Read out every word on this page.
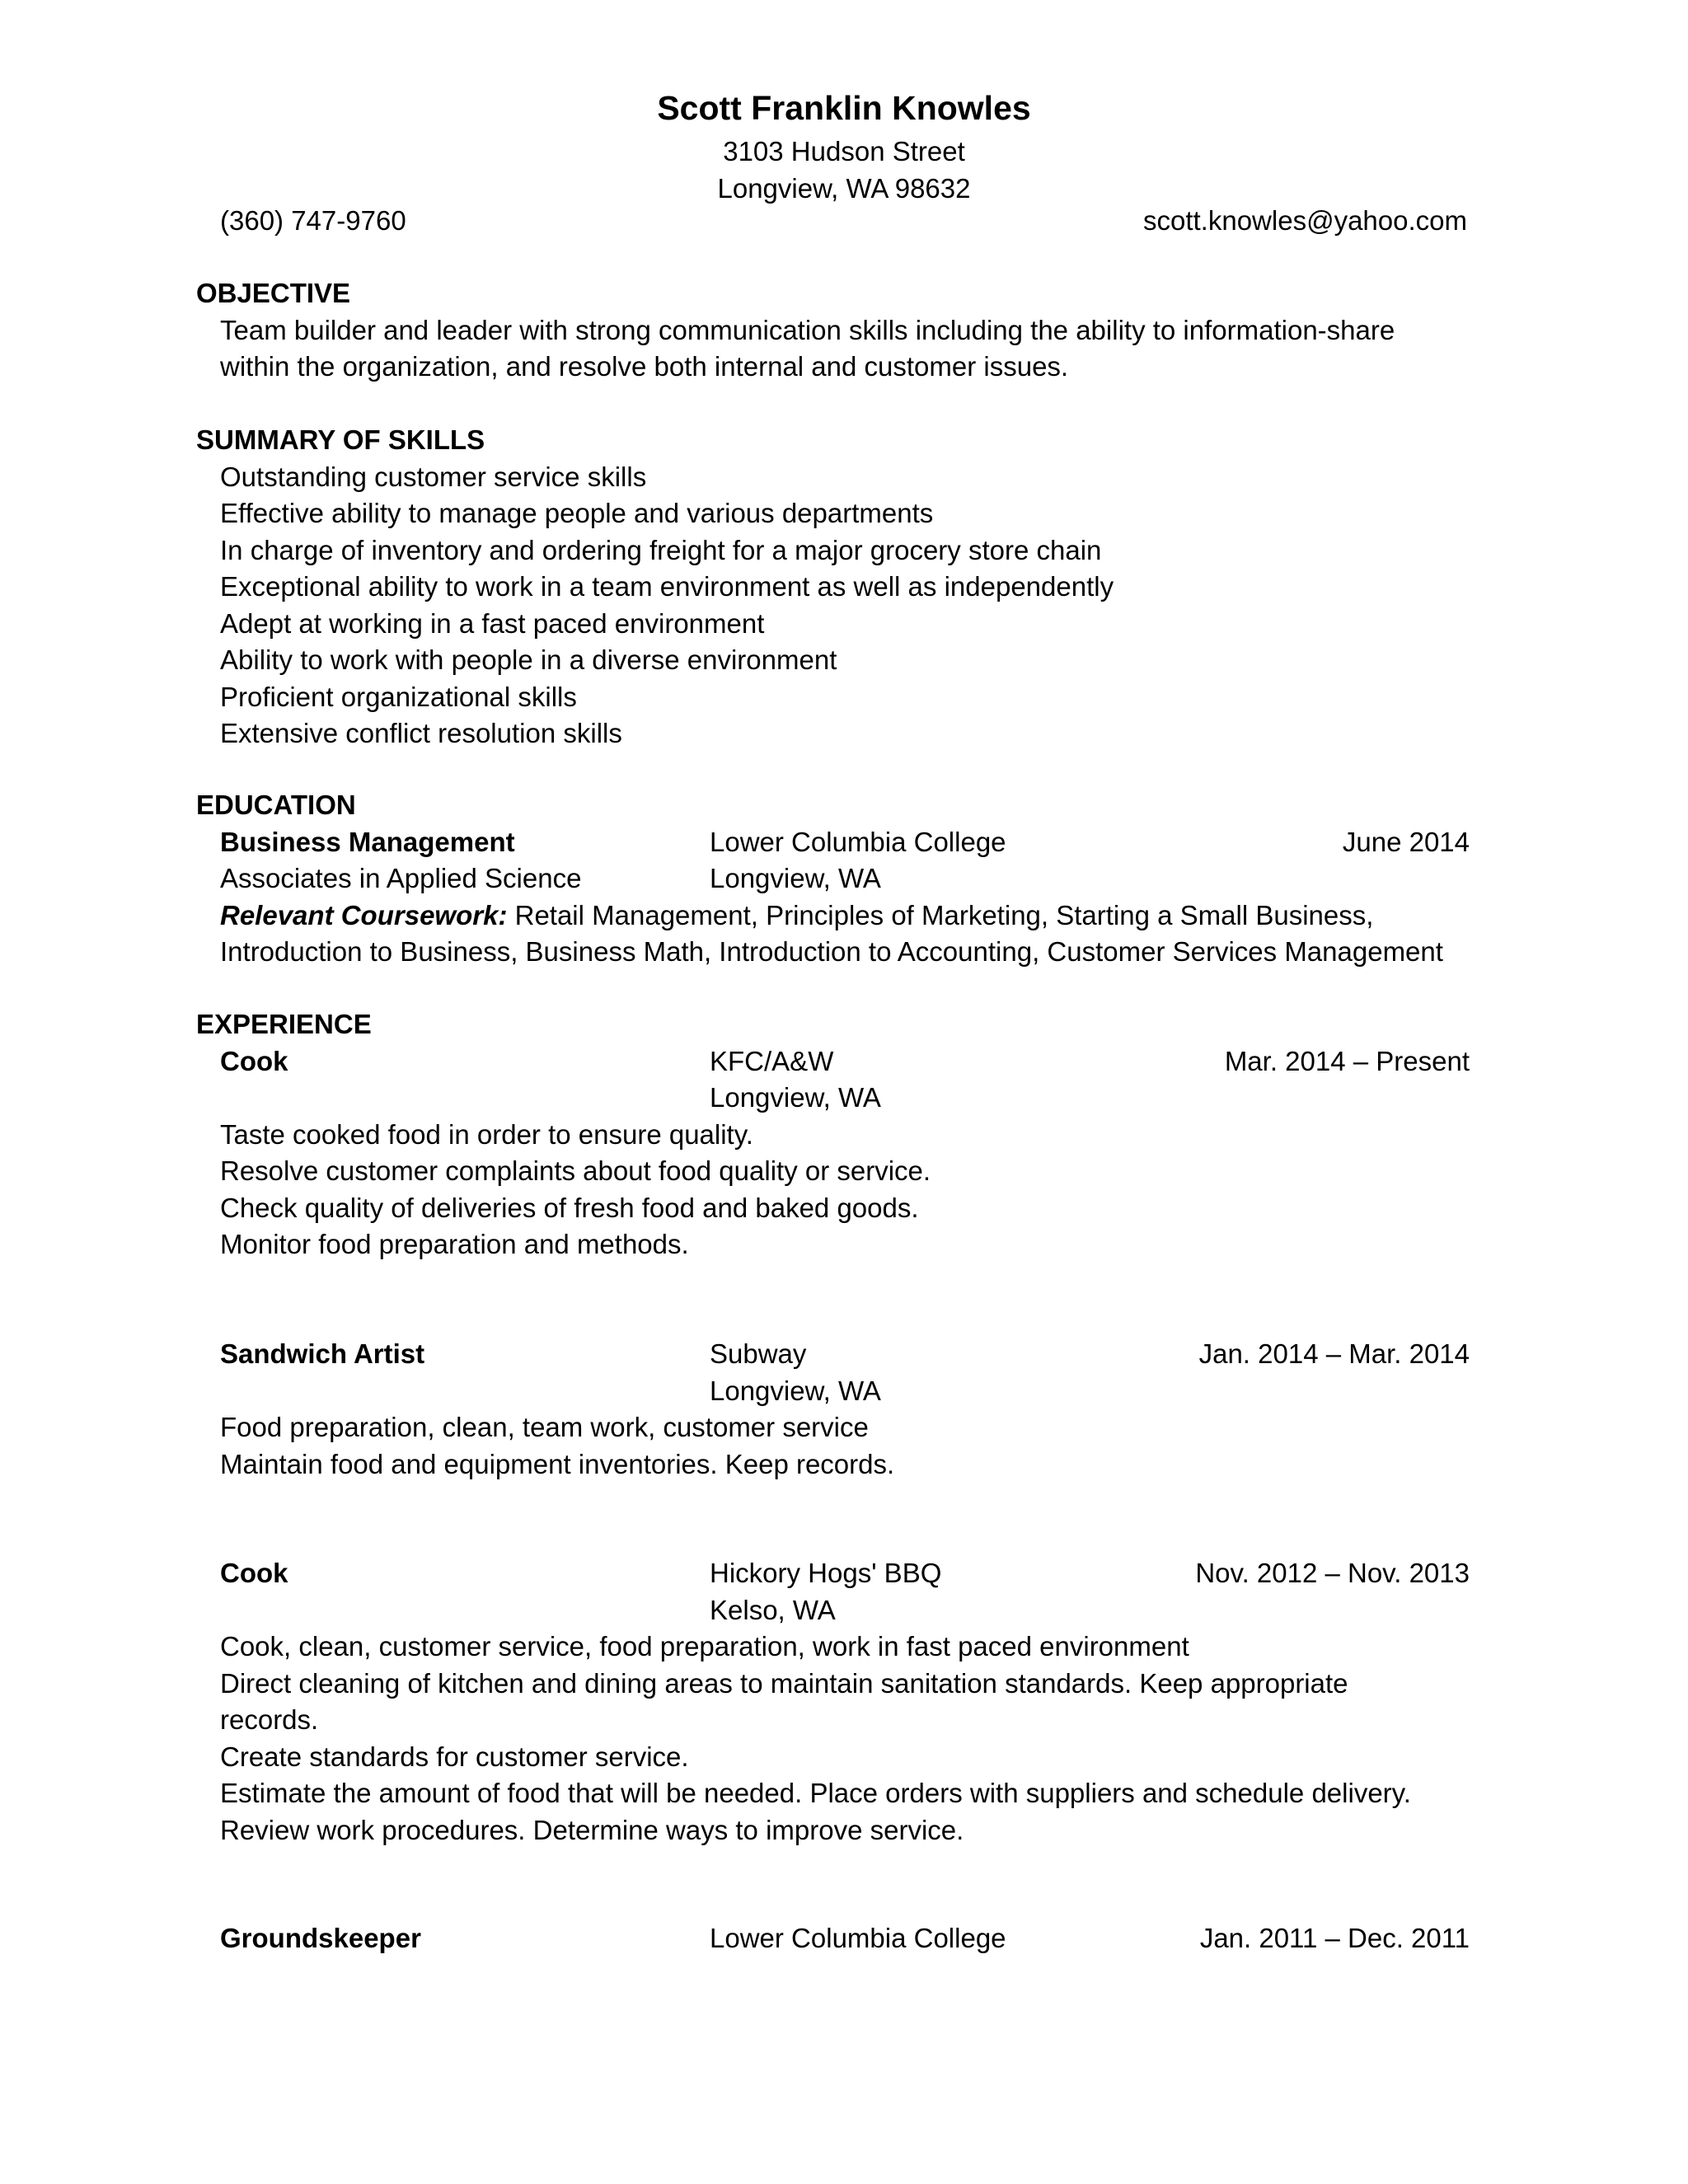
Scott Franklin Knowles
3103 Hudson Street
Longview, WA 98632
(360) 747-9760	scott.knowles@yahoo.com
OBJECTIVE
Team builder and leader with strong communication skills including the ability to information-share
within the organization, and resolve both internal and customer issues.
SUMMARY OF SKILLS
Outstanding customer service skills
Effective ability to manage people and various departments
In charge of inventory and ordering freight for a major grocery store chain
Exceptional ability to work in a team environment as well as independently
Adept at working in a fast paced environment
Ability to work with people in a diverse environment
Proficient organizational skills
Extensive conflict resolution skills
EDUCATION
Business Management	Lower Columbia College	June 2014
Associates in Applied Science	Longview, WA
Relevant Coursework: Retail Management, Principles of Marketing, Starting a Small Business,
Introduction to Business, Business Math, Introduction to Accounting, Customer Services Management
EXPERIENCE
Cook	KFC/A&W	Mar. 2014 – Present
Longview, WA
Taste cooked food in order to ensure quality.
Resolve customer complaints about food quality or service.
Check quality of deliveries of fresh food and baked goods.
Monitor food preparation and methods.
Sandwich Artist	Subway	Jan. 2014 – Mar. 2014
Longview, WA
Food preparation, clean, team work, customer service
Maintain food and equipment inventories. Keep records.
Cook	Hickory Hogs' BBQ	Nov. 2012 – Nov. 2013
Kelso, WA
Cook, clean, customer service, food preparation, work in fast paced environment
Direct cleaning of kitchen and dining areas to maintain sanitation standards. Keep appropriate
records.
Create standards for customer service.
Estimate the amount of food that will be needed. Place orders with suppliers and schedule delivery.
Review work procedures. Determine ways to improve service.
Groundskeeper	Lower Columbia College	Jan. 2011 – Dec. 2011
